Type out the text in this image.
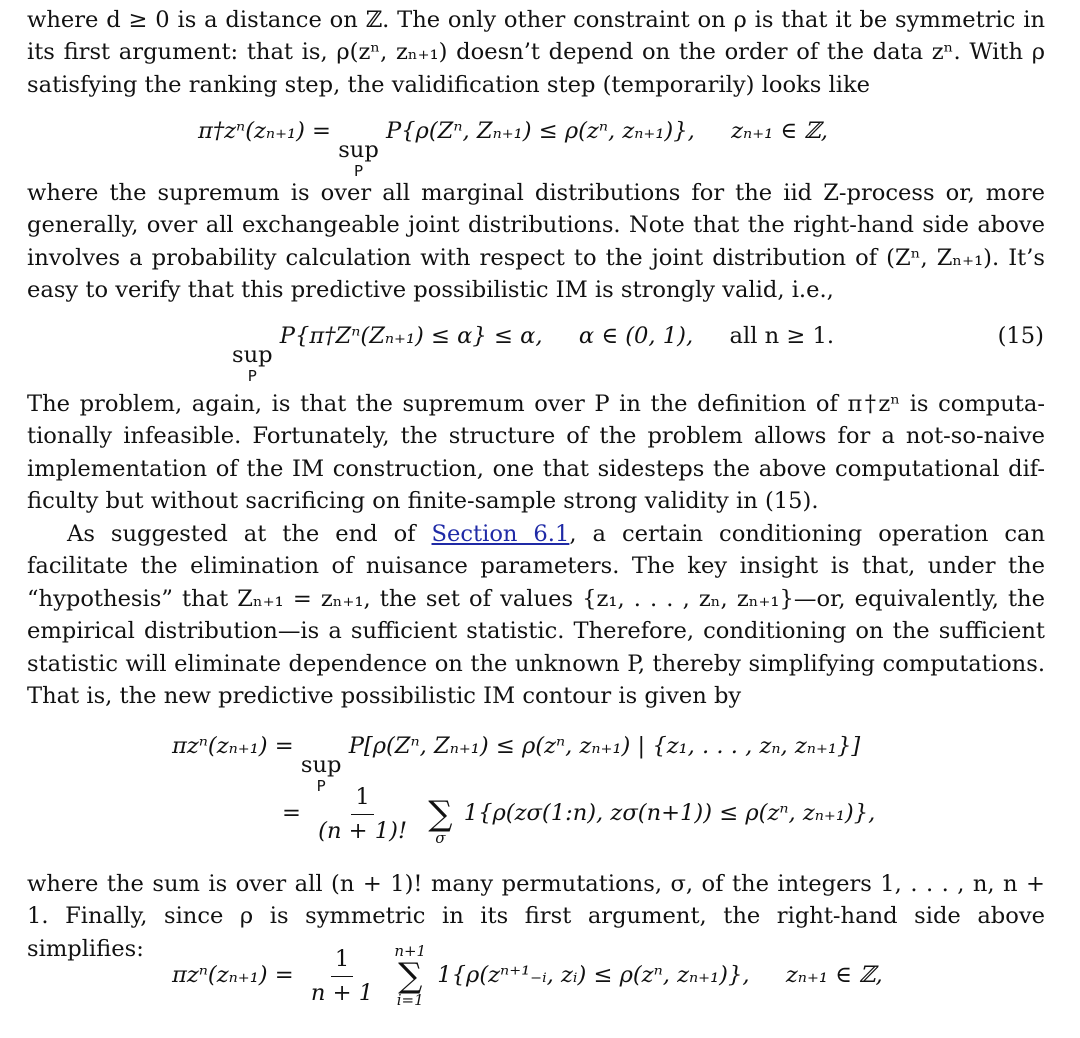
where d ≥ 0 is a distance on ℤ. The only other constraint on ρ is that it be symmetric in its first argument: that is, ρ(zⁿ, zₙ₊₁) doesn’t depend on the order of the data zⁿ. With ρ satisfying the ranking step, the validification step (temporarily) looks like
π†zⁿ(zₙ₊₁) =
sup
P
P{ρ(Zⁿ, Zₙ₊₁) ≤ ρ(zⁿ, zₙ₊₁)}, zₙ₊₁ ∈ ℤ,
where the supremum is over all marginal distributions for the iid Z-process or, more generally, over all exchangeable joint distributions. Note that the right-hand side above involves a probability calculation with respect to the joint distribution of (Zⁿ, Zₙ₊₁). It’s easy to verify that this predictive possibilistic IM is strongly valid, i.e.,
sup
P
P{π†Zⁿ(Zₙ₊₁) ≤ α} ≤ α, α ∈ (0, 1), all n ≥ 1.	(15)
The problem, again, is that the supremum over P in the definition of π†zⁿ is computa- tionally infeasible. Fortunately, the structure of the problem allows for a not-so-naive implementation of the IM construction, one that sidesteps the above computational dif- ficulty but without sacrificing on finite-sample strong validity in (15).
As suggested at the end of Section 6.1, a certain conditioning operation can facilitate the elimination of nuisance parameters. The key insight is that, under the “hypothesis” that Zₙ₊₁ = zₙ₊₁, the set of values {z₁, . . . , zₙ, zₙ₊₁}—or, equivalently, the empirical distribution—is a sufficient statistic. Therefore, conditioning on the sufficient statistic will eliminate dependence on the unknown P, thereby simplifying computations. That is, the new predictive possibilistic IM contour is given by
πzⁿ(zₙ₊₁) =
sup
P
P[ρ(Zⁿ, Zₙ₊₁) ≤ ρ(zⁿ, zₙ₊₁) | {z₁, . . . , zₙ, zₙ₊₁}]
= $\frac{1}{(n + 1)!}$

∑
σ
1{ρ(zσ(1:n), zσ(n+1)) ≤ ρ(zⁿ, zₙ₊₁)},
where the sum is over all (n + 1)! many permutations, σ, of the integers 1, . . . , n, n + 1. Finally, since ρ is symmetric in its first argument, the right-hand side above simplifies:
$\pi z^n(z_{n+1}) = \frac{1}{n + 1}$
n+1
∑
i=1
1{ρ(zⁿ⁺¹₋ᵢ, zᵢ) ≤ ρ(zⁿ, zₙ₊₁)}, zₙ₊₁ ∈ ℤ,
